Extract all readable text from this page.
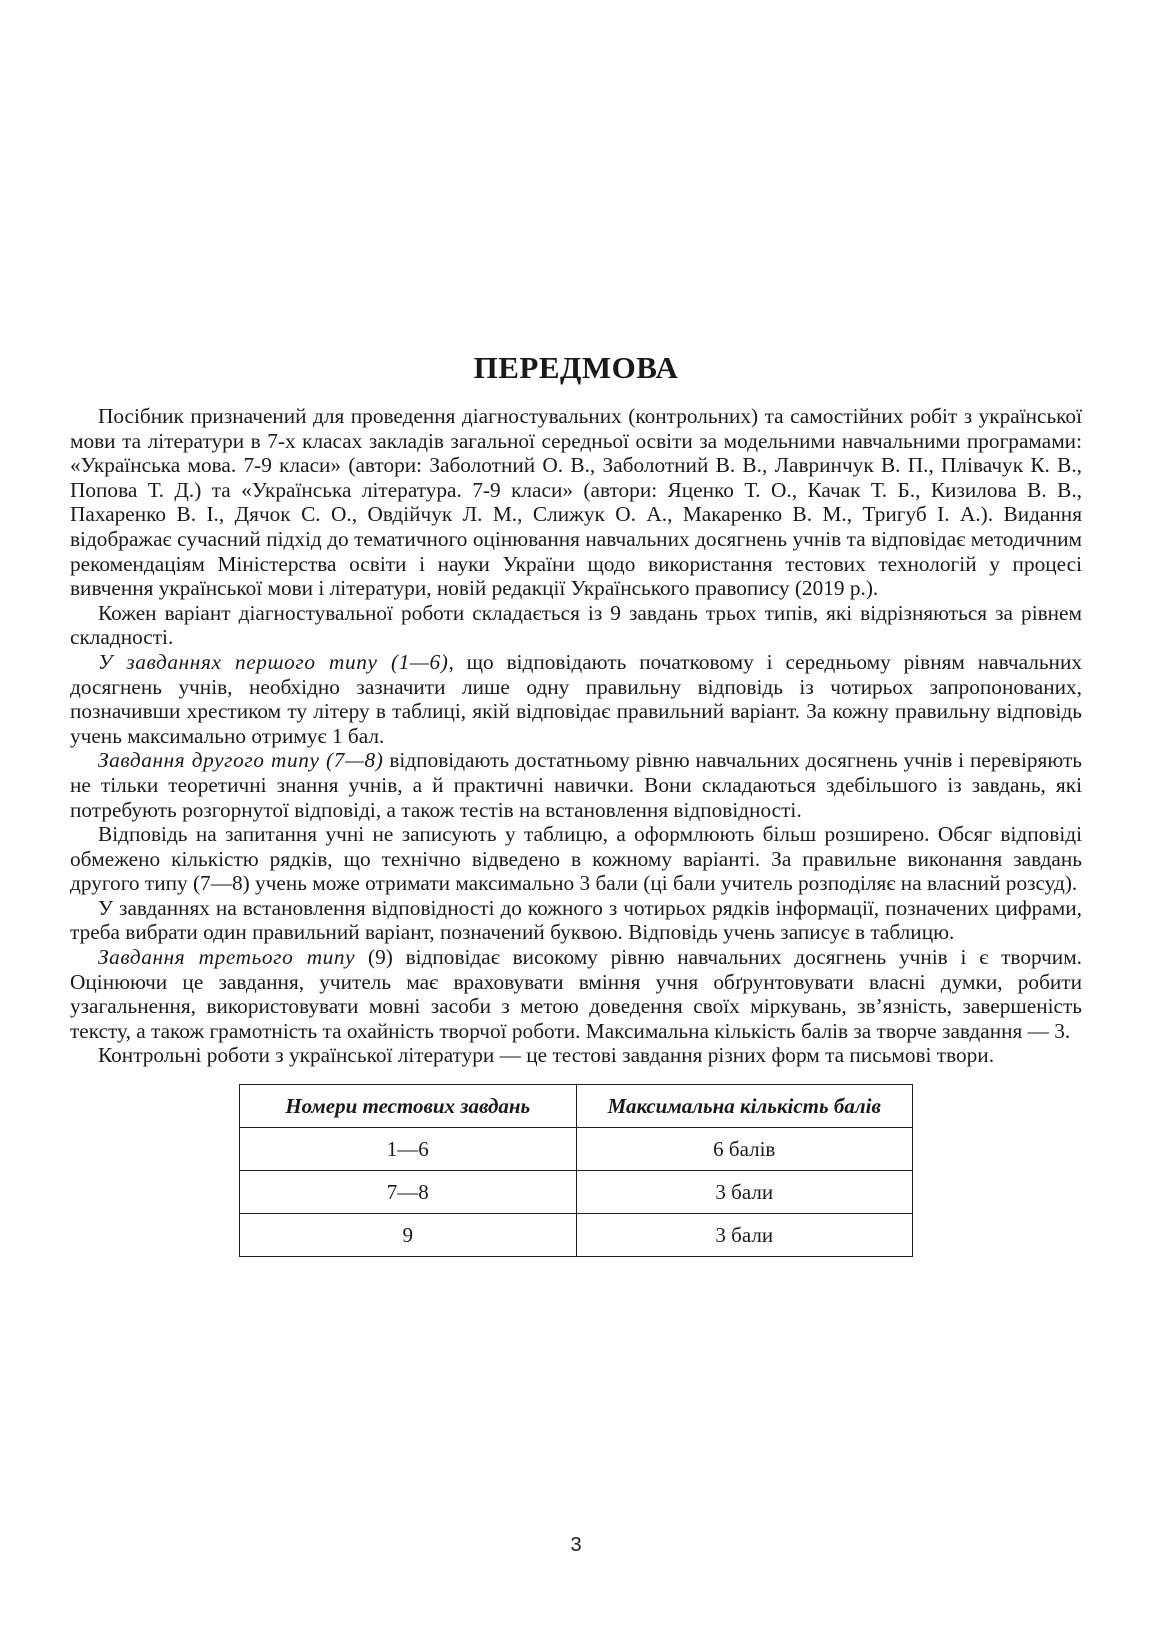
ПЕРЕДМОВА

Посібник призначений для проведення діагностувальних (контрольних) та самостійних робіт з української мови та літератури в 7-х класах закладів загальної середньої освіти за модельними навчальними програмами: «Українська мова. 7-9 класи» (автори: Заболотний О. В., Заболотний В. В., Лавринчук В. П., Плівачук К. В., Попова Т. Д.) та «Українська література. 7-9 класи» (автори: Яценко Т. О., Качак Т. Б., Кизилова В. В., Пахаренко В. І., Дячок С. О., Овдійчук Л. М., Слижук О. А., Макаренко В. М., Тригуб І. А.). Видання відображає сучасний підхід до тематичного оцінювання навчальних досягнень учнів та відповідає методичним рекомендаціям Міністерства освіти і науки України щодо використання тестових технологій у процесі вивчення української мови і літератури, новій редакції Українського правопису (2019 р.).

Кожен варіант діагностувальної роботи складається із 9 завдань трьох типів, які відрізняються за рівнем складності.

У завданнях першого типу (1—6), що відповідають початковому і середньому рівням навчальних досягнень учнів, необхідно зазначити лише одну правильну відповідь із чотирьох запропонованих, позначивши хрестиком ту літеру в таблиці, якій відповідає правильний варіант. За кожну правильну відповідь учень максимально отримує 1 бал.

Завдання другого типу (7—8) відповідають достатньому рівню навчальних досягнень учнів і перевіряють не тільки теоретичні знання учнів, а й практичні навички. Вони складаються здебільшого із завдань, які потребують розгорнутої відповіді, а також тестів на встановлення відповідності.

Відповідь на запитання учні не записують у таблицю, а оформлюють більш розширено. Обсяг відповіді обмежено кількістю рядків, що технічно відведено в кожному варіанті. За правильне виконання завдань другого типу (7—8) учень може отримати максимально 3 бали (ці бали учитель розподіляє на власний розсуд).

У завданнях на встановлення відповідності до кожного з чотирьох рядків інформації, позначених цифрами, треба вибрати один правильний варіант, позначений буквою. Відповідь учень записує в таблицю.

Завдання третього типу (9) відповідає високому рівню навчальних досягнень учнів і є творчим. Оцінюючи це завдання, учитель має враховувати вміння учня обґрунтовувати власні думки, робити узагальнення, використовувати мовні засоби з метою доведення своїх міркувань, зв’язність, завершеність тексту, а також грамотність та охайність творчої роботи. Максимальна кількість балів за творче завдання — 3.

Контрольні роботи з української літератури — це тестові завдання різних форм та письмові твори.

Номери тестових завдань	Максимальна кількість балів
1—6	6 балів
7—8	3 бали
9	3 бали
3
